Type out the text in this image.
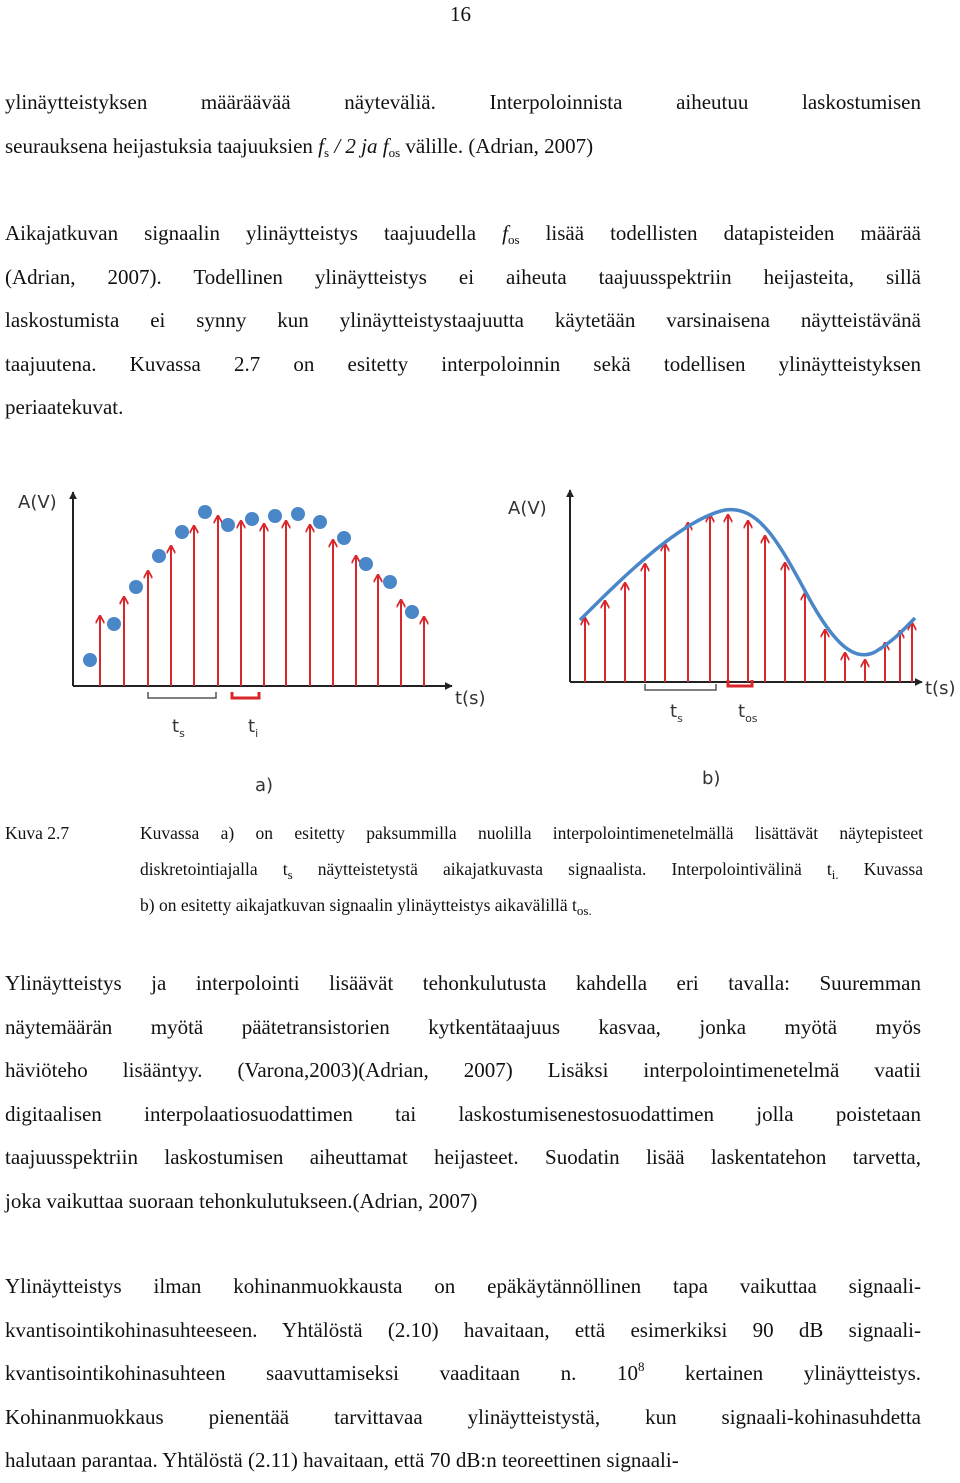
16
ylinäytteistyksen määräävää näyteväliä. Interpoloinnista aiheutuu laskostumisen
seurauksena heijastuksia taajuuksien $f_s / 2$ ja $f_{os}$ välille. (Adrian, 2007)
Aikajatkuvan signaalin ylinäytteistys taajuudella $f_{os}$ lisää todellisten datapisteiden määrää
(Adrian, 2007). Todellinen ylinäytteistys ei aiheuta taajuusspektriin heijasteita, sillä
laskostumista ei synny kun ylinäytteistystaajuutta käytetään varsinaisena näytteistävänä
taajuutena. Kuvassa 2.7 on esitetty interpoloinnin sekä todellisen ylinäytteistyksen
periaatekuvat.
A(V)
t(s)
$t_s$	$t_i$
a)
A(V)
t(s)
$t_s$	$t_{os}$
b)
Kuva 2.7	Kuvassa a) on esitetty paksummilla nuolilla interpolointimenetelmällä lisättävät näytepisteet
diskretointiajalla $t_s$ näytteistetystä aikajatkuvasta signaalista. Interpolointivälinä $t_{i.}$ Kuvassa
b) on esitetty aikajatkuvan signaalin ylinäytteistys aikavälillä $t_{os.}$
Ylinäytteistys ja interpolointi lisäävät tehonkulutusta kahdella eri tavalla: Suuremman
näytemäärän myötä päätetransistorien kytkentätaajuus kasvaa, jonka myötä myös
häviöteho lisääntyy. (Varona,2003)(Adrian, 2007) Lisäksi interpolointimenetelmä vaatii
digitaalisen interpolaatiosuodattimen tai laskostumisenestosuodattimen jolla poistetaan
taajuusspektriin laskostumisen aiheuttamat heijasteet. Suodatin lisää laskentatehon tarvetta,
joka vaikuttaa suoraan tehonkulutukseen.(Adrian, 2007)
Ylinäytteistys ilman kohinanmuokkausta on epäkäytännöllinen tapa vaikuttaa signaali-
kvantisointikohinasuhteeseen. Yhtälöstä (2.10) havaitaan, että esimerkiksi 90 dB signaali-
kvantisointikohinasuhteen saavuttamiseksi vaaditaan n. $10^8$ kertainen ylinäytteistys.
Kohinanmuokkaus pienentää tarvittavaa ylinäytteistystä, kun signaali-kohinasuhdetta
halutaan parantaa. Yhtälöstä (2.11) havaitaan, että 70 dB:n teoreettinen signaali-
